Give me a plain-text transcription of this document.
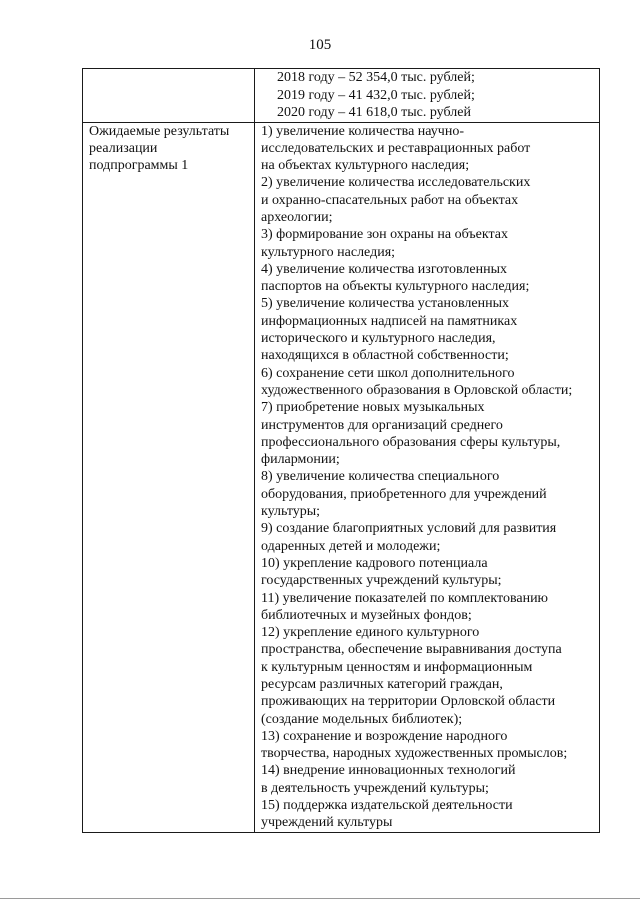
105
2018 году – 52 354,0 тыс. рублей;
2019 году – 41 432,0 тыс. рублей;
2020 году – 41 618,0 тыс. рублей
Ожидаемые результаты
реализации
подпрограммы 1
1) увеличение количества научно-
исследовательских и реставрационных работ
на объектах культурного наследия;
2) увеличение количества исследовательских
и охранно-спасательных работ на объектах
археологии;
3) формирование зон охраны на объектах
культурного наследия;
4) увеличение количества изготовленных
паспортов на объекты культурного наследия;
5) увеличение количества установленных
информационных надписей на памятниках
исторического и культурного наследия,
находящихся в областной собственности;
6) сохранение сети школ дополнительного
художественного образования в Орловской области;
7) приобретение новых музыкальных
инструментов для организаций среднего
профессионального образования сферы культуры,
филармонии;
8) увеличение количества специального
оборудования, приобретенного для учреждений
культуры;
9) создание благоприятных условий для развития
одаренных детей и молодежи;
10) укрепление кадрового потенциала
государственных учреждений культуры;
11) увеличение показателей по комплектованию
библиотечных и музейных фондов;
12) укрепление единого культурного
пространства, обеспечение выравнивания доступа
к культурным ценностям и информационным
ресурсам различных категорий граждан,
проживающих на территории Орловской области
(создание модельных библиотек);
13) сохранение и возрождение народного
творчества, народных художественных промыслов;
14) внедрение инновационных технологий
в деятельность учреждений культуры;
15) поддержка издательской деятельности
учреждений культуры
